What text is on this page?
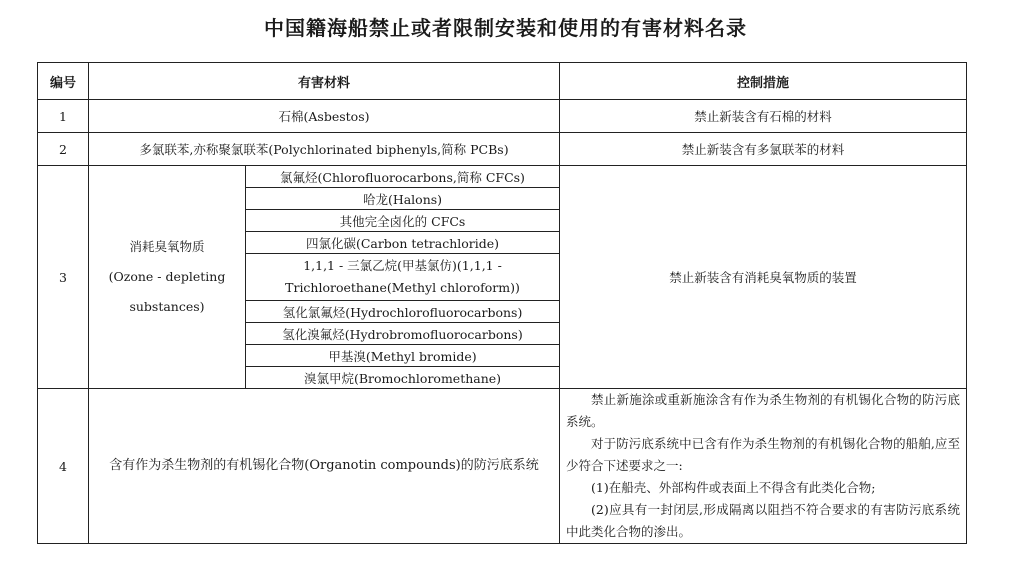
中国籍海船禁止或者限制安装和使用的有害材料名录
编号	有害材料		控制措施
1	石棉(Asbestos)		禁止新装含有石棉的材料
2	多氯联苯,亦称聚氯联苯(Polychlorinated biphenyls,简称 PCBs)		禁止新装含有多氯联苯的材料
3	消耗臭氧物质
(Ozone - depleting
substances)	氯氟烃(Chlorofluorocarbons,简称 CFCs)	禁止新装含有消耗臭氧物质的装置
		哈龙(Halons)	
		其他完全卤化的 CFCs	
		四氯化碳(Carbon tetrachloride)	
		1,1,1 - 三氯乙烷(甲基氯仿)(1,1,1 - Trichloroethane(Methyl chloroform))	
		氢化氯氟烃(Hydrochlorofluorocarbons)	
		氢化溴氟烃(Hydrobromofluorocarbons)	
		甲基溴(Methyl bromide)	
		溴氯甲烷(Bromochloromethane)	
4	含有作为杀生物剂的有机锡化合物(Organotin compounds)的防污底系统		禁止新施涂或重新施涂含有作为杀生物剂的有机锡化合物的防污底系统。
对于防污底系统中已含有作为杀生物剂的有机锡化合物的船舶,应至少符合下述要求之一:
(1)在船壳、外部构件或表面上不得含有此类化合物;
(2)应具有一封闭层,形成隔离以阻挡不符合要求的有害防污底系统中此类化合物的渗出。
